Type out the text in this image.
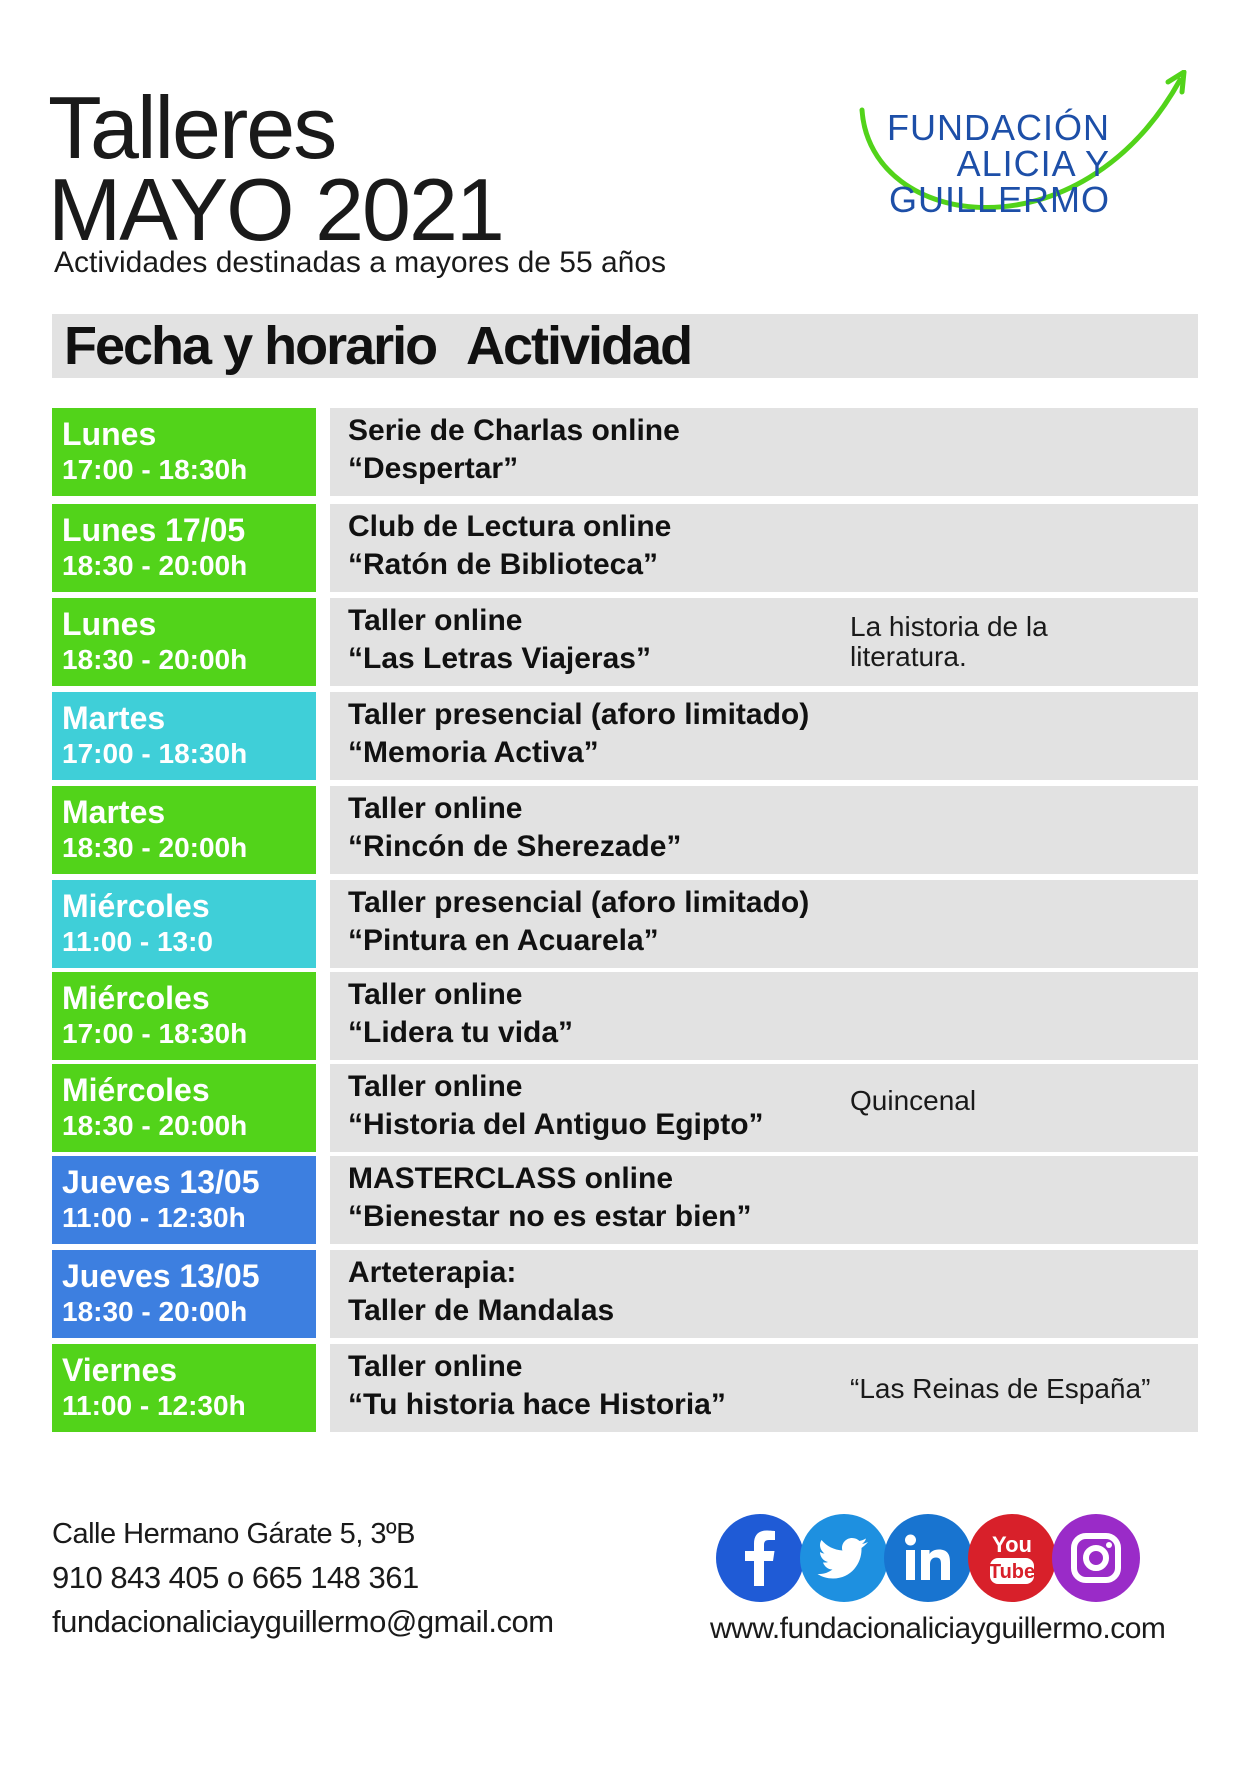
Talleres
MAYO 2021
Actividades destinadas a mayores de 55 años
FUNDACIÓN
ALICIA Y
GUILLERMO
Fecha y horario Actividad
Lunes
17:00 - 18:30h
Serie de Charlas online
“Despertar”
Lunes 17/05
18:30 - 20:00h
Club de Lectura online
“Ratón de Biblioteca”
Lunes
18:30 - 20:00h
Taller online
“Las Letras Viajeras”
La historia de la
literatura.
Martes
17:00 - 18:30h
Taller presencial (aforo limitado)
“Memoria Activa”
Martes
18:30 - 20:00h
Taller online
“Rincón de Sherezade”
Miércoles
11:00 - 13:0
Taller presencial (aforo limitado)
“Pintura en Acuarela”
Miércoles
17:00 - 18:30h
Taller online
“Lidera tu vida”
Miércoles
18:30 - 20:00h
Taller online
“Historia del Antiguo Egipto”
Quincenal
Jueves 13/05
11:00 - 12:30h
MASTERCLASS online
“Bienestar no es estar bien”
Jueves 13/05
18:30 - 20:00h
Arteterapia:
Taller de Mandalas
Viernes
11:00 - 12:30h
Taller online
“Tu historia hace Historia”	“Las Reinas de España”
Calle Hermano Gárate 5, 3ºB
910 843 405 o 665 148 361
fundacionaliciayguillermo@gmail.com
You
Tube
www.fundacionaliciayguillermo.com
